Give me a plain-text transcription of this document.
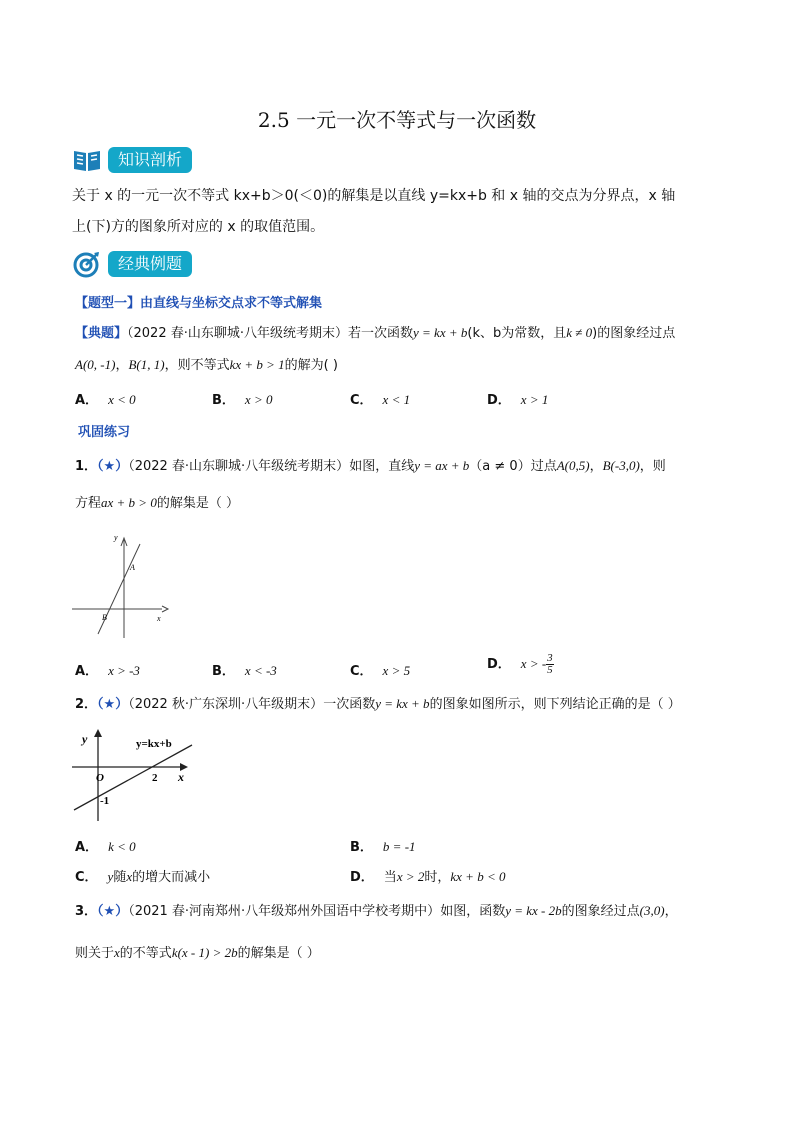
2.5 一元一次不等式与一次函数
知识剖析
关于 x 的一元一次不等式 kx+b＞0(＜0)的解集是以直线 y=kx+b 和 x 轴的交点为分界点，x 轴
上(下)方的图象所对应的 x 的取值范围。
经典例题
【题型一】由直线与坐标交点求不等式解集
【典题】（2022 春·山东聊城·八年级统考期末）若一次函数y = kx + b(k、b为常数，且k ≠ 0)的图象经过点
A(0, -1)，B(1, 1)，则不等式kx + b > 1的解为( )
A． x < 0	B． x > 0	C． x < 1	D． x > 1
巩固练习
1．（★）（2022 春·山东聊城·八年级统考期末）如图，直线y = ax + b（a ≠ 0）过点A(0,5)，B(-3,0)，则
方程ax + b > 0的解集是（ ）
y
x
A
B
A． x > -3	B． x < -3	C． x > 5	D． x > - $\frac{3}{5}$
2．（★）（2022 秋·广东深圳·八年级期末）一次函数y = kx + b的图象如图所示，则下列结论正确的是（ ）
y
x
y=kx+b
O	2
-1
A． k < 0	B． b = -1
C． y随x的增大而减小	D． 当x > 2时，kx + b < 0
3．（★）（2021 春·河南郑州·八年级郑州外国语中学校考期中）如图，函数y = kx - 2b的图象经过点(3,0)，
则关于x的不等式k(x - 1) > 2b的解集是（ ）
